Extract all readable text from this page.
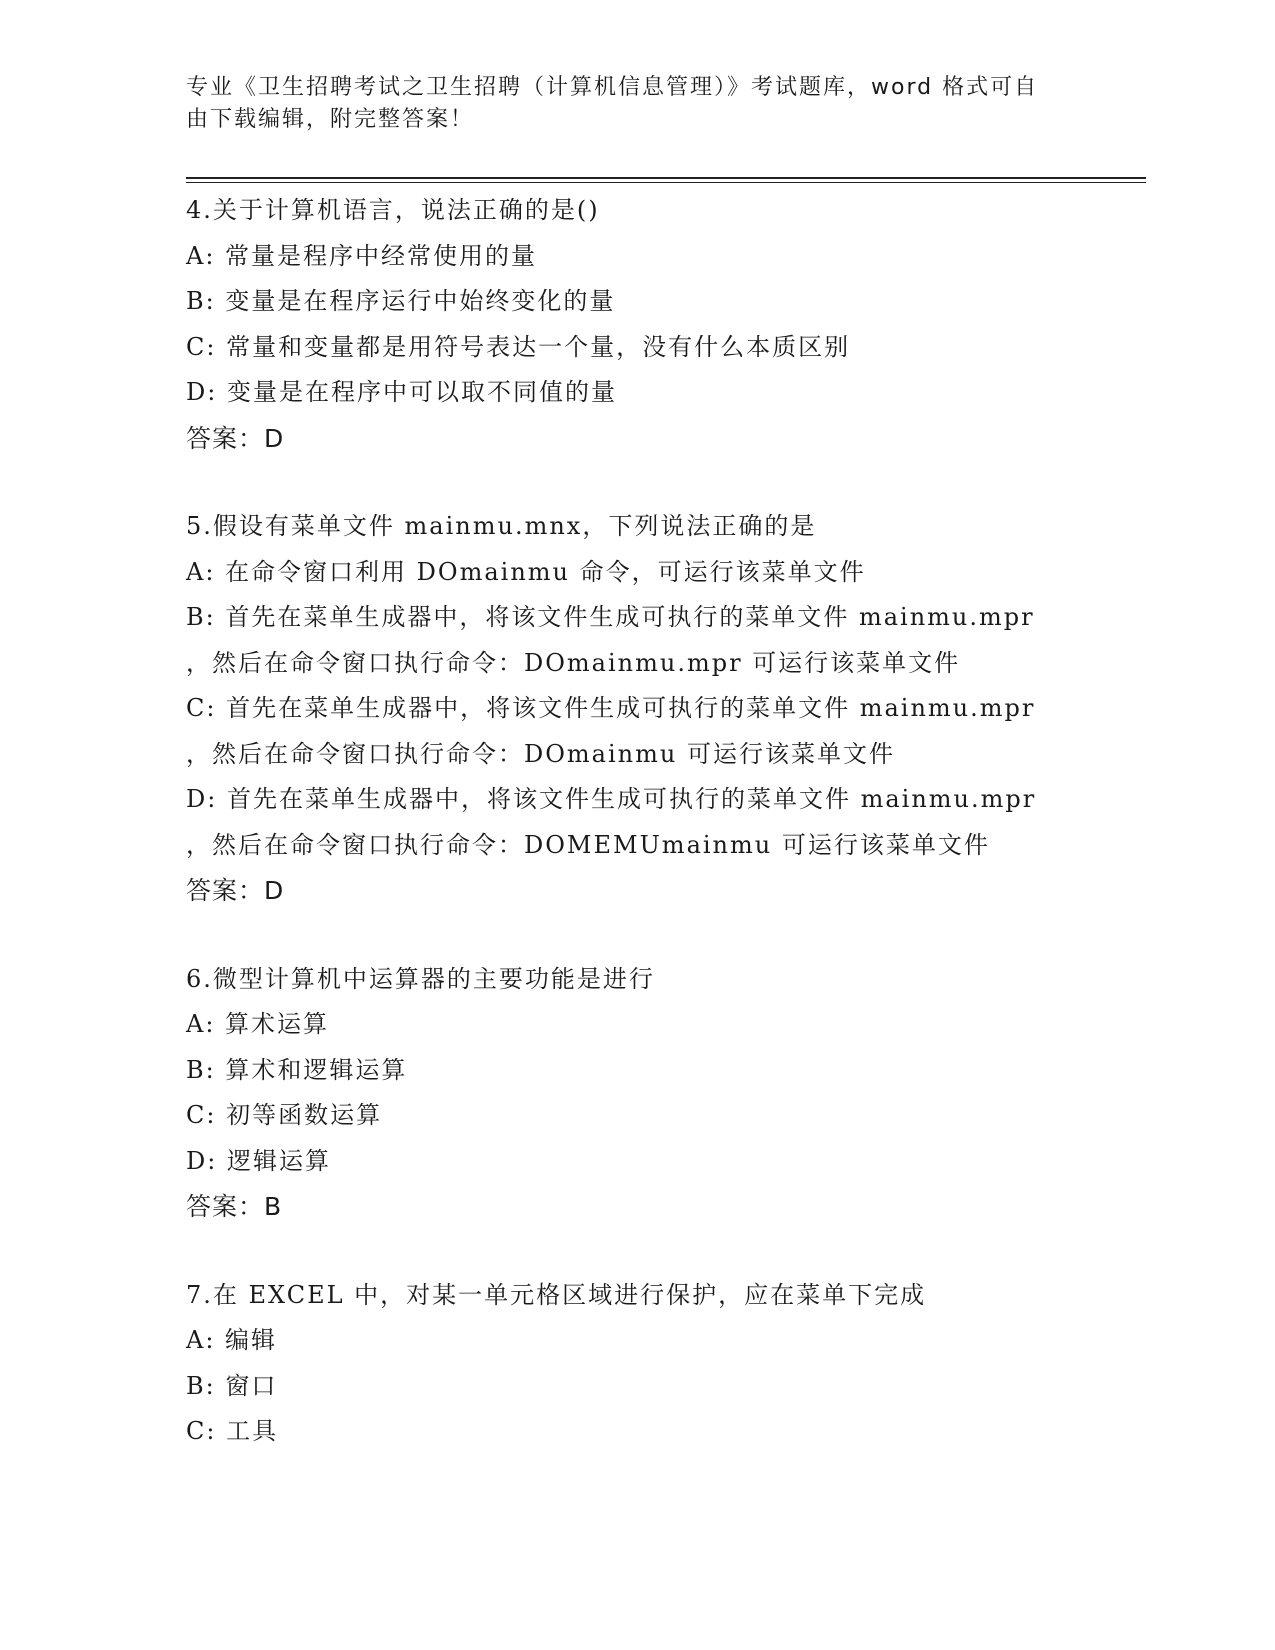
专业《卫生招聘考试之卫生招聘（计算机信息管理）》考试题库，word 格式可自
由下载编辑，附完整答案！
4.关于计算机语言，说法正确的是()
A: 常量是程序中经常使用的量
B: 变量是在程序运行中始终变化的量
C: 常量和变量都是用符号表达一个量，没有什么本质区别
D: 变量是在程序中可以取不同值的量
答案：D
5.假设有菜单文件 mainmu.mnx，下列说法正确的是
A: 在命令窗口利用 DOmainmu 命令，可运行该菜单文件
B: 首先在菜单生成器中，将该文件生成可执行的菜单文件 mainmu.mpr
，然后在命令窗口执行命令：DOmainmu.mpr 可运行该菜单文件
C: 首先在菜单生成器中，将该文件生成可执行的菜单文件 mainmu.mpr
，然后在命令窗口执行命令：DOmainmu 可运行该菜单文件
D: 首先在菜单生成器中，将该文件生成可执行的菜单文件 mainmu.mpr
，然后在命令窗口执行命令：DOMEMUmainmu 可运行该菜单文件
答案：D
6.微型计算机中运算器的主要功能是进行
A: 算术运算
B: 算术和逻辑运算
C: 初等函数运算
D: 逻辑运算
答案：B
7.在 EXCEL 中，对某一单元格区域进行保护，应在菜单下完成
A: 编辑
B: 窗口
C: 工具
